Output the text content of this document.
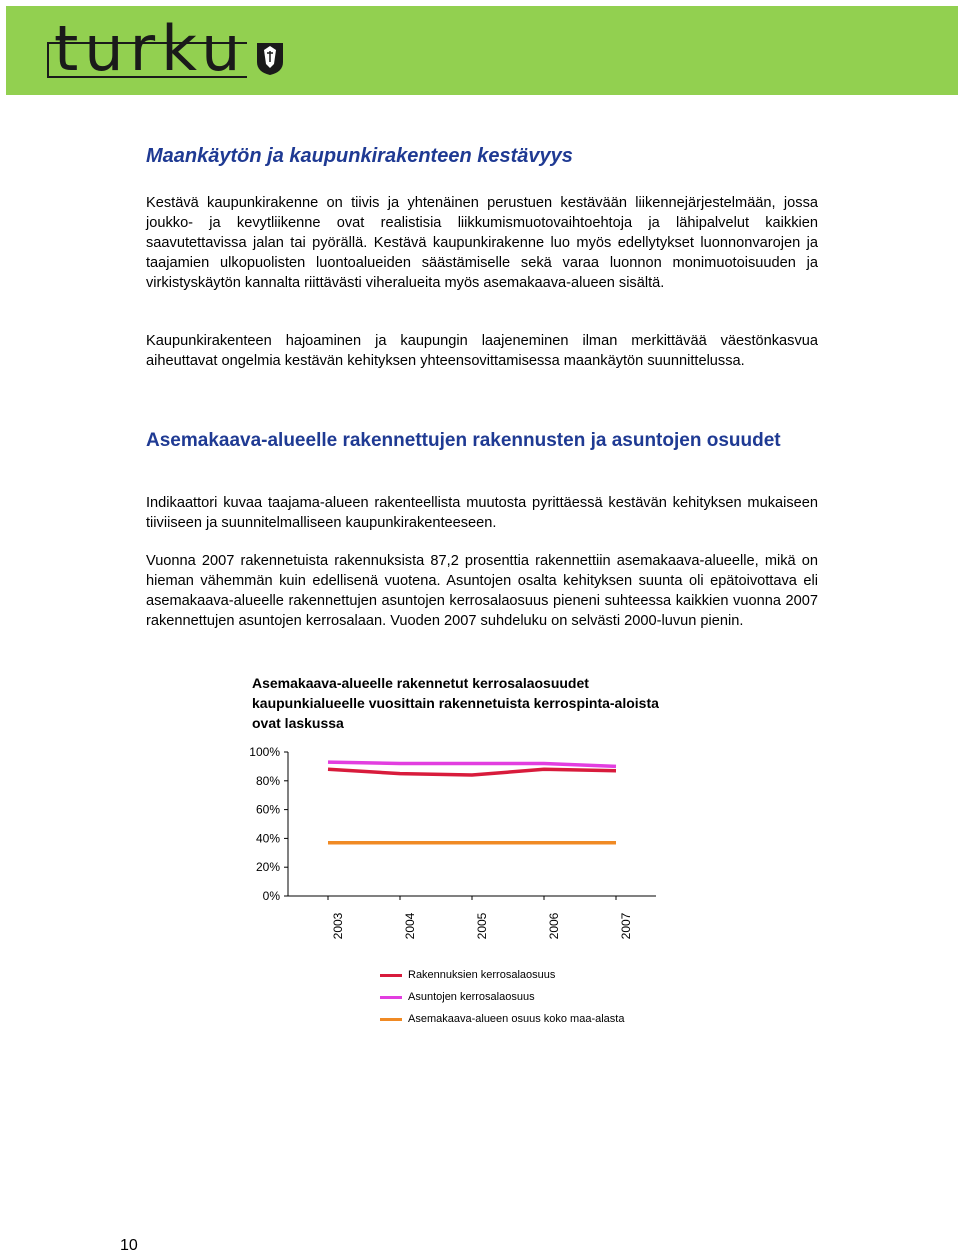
turku
Maankäytön ja kaupunkirakenteen kestävyys

Kestävä kaupunkirakenne on tiivis ja yhtenäinen perustuen kestävään liikennejärjestelmään, jossa joukko- ja kevytliikenne ovat realistisia liikkumismuotovaihtoehtoja ja lähipalvelut kaikkien saavutettavissa jalan tai pyörällä. Kestävä kaupunkirakenne luo myös edellytykset luonnonvarojen ja taajamien ulkopuolisten luontoalueiden säästämiselle sekä varaa luonnon monimuotoisuuden ja virkistyskäytön kannalta riittävästi viheralueita myös asemakaava-alueen sisältä.

Kaupunkirakenteen hajoaminen ja kaupungin laajeneminen ilman merkittävää väestönkasvua aiheuttavat ongelmia kestävän kehityksen yhteensovittamisessa maankäytön suunnittelussa.

Asemakaava-alueelle rakennettujen rakennusten ja asuntojen osuudet

Indikaattori kuvaa taajama-alueen rakenteellista muutosta pyrittäessä kestävän kehityksen mukaiseen tiiviiseen ja suunnitelmalliseen kaupunkirakenteeseen.

Vuonna 2007 rakennetuista rakennuksista 87,2 prosenttia rakennettiin asemakaava-alueelle, mikä on hieman vähemmän kuin edellisenä vuotena. Asuntojen osalta kehityksen suunta oli epätoivottava eli asemakaava-alueelle rakennettujen asuntojen kerrosalaosuus pieneni suhteessa kaikkien vuonna 2007 rakennettujen asuntojen kerrosalaan. Vuoden 2007 suhdeluku on selvästi 2000-luvun pienin.

Asemakaava-alueelle rakennetut kerrosalaosuudet kaupunkialueelle vuosittain rakennetuista kerrospinta-aloista ovat laskussa

0%
20%
40%
60%
80%
100%
2003	2004	2005	2006	2007
Rakennuksien kerrosalaosuus
Asuntojen kerrosalaosuus
Asemakaava-alueen osuus koko maa-alasta

10
